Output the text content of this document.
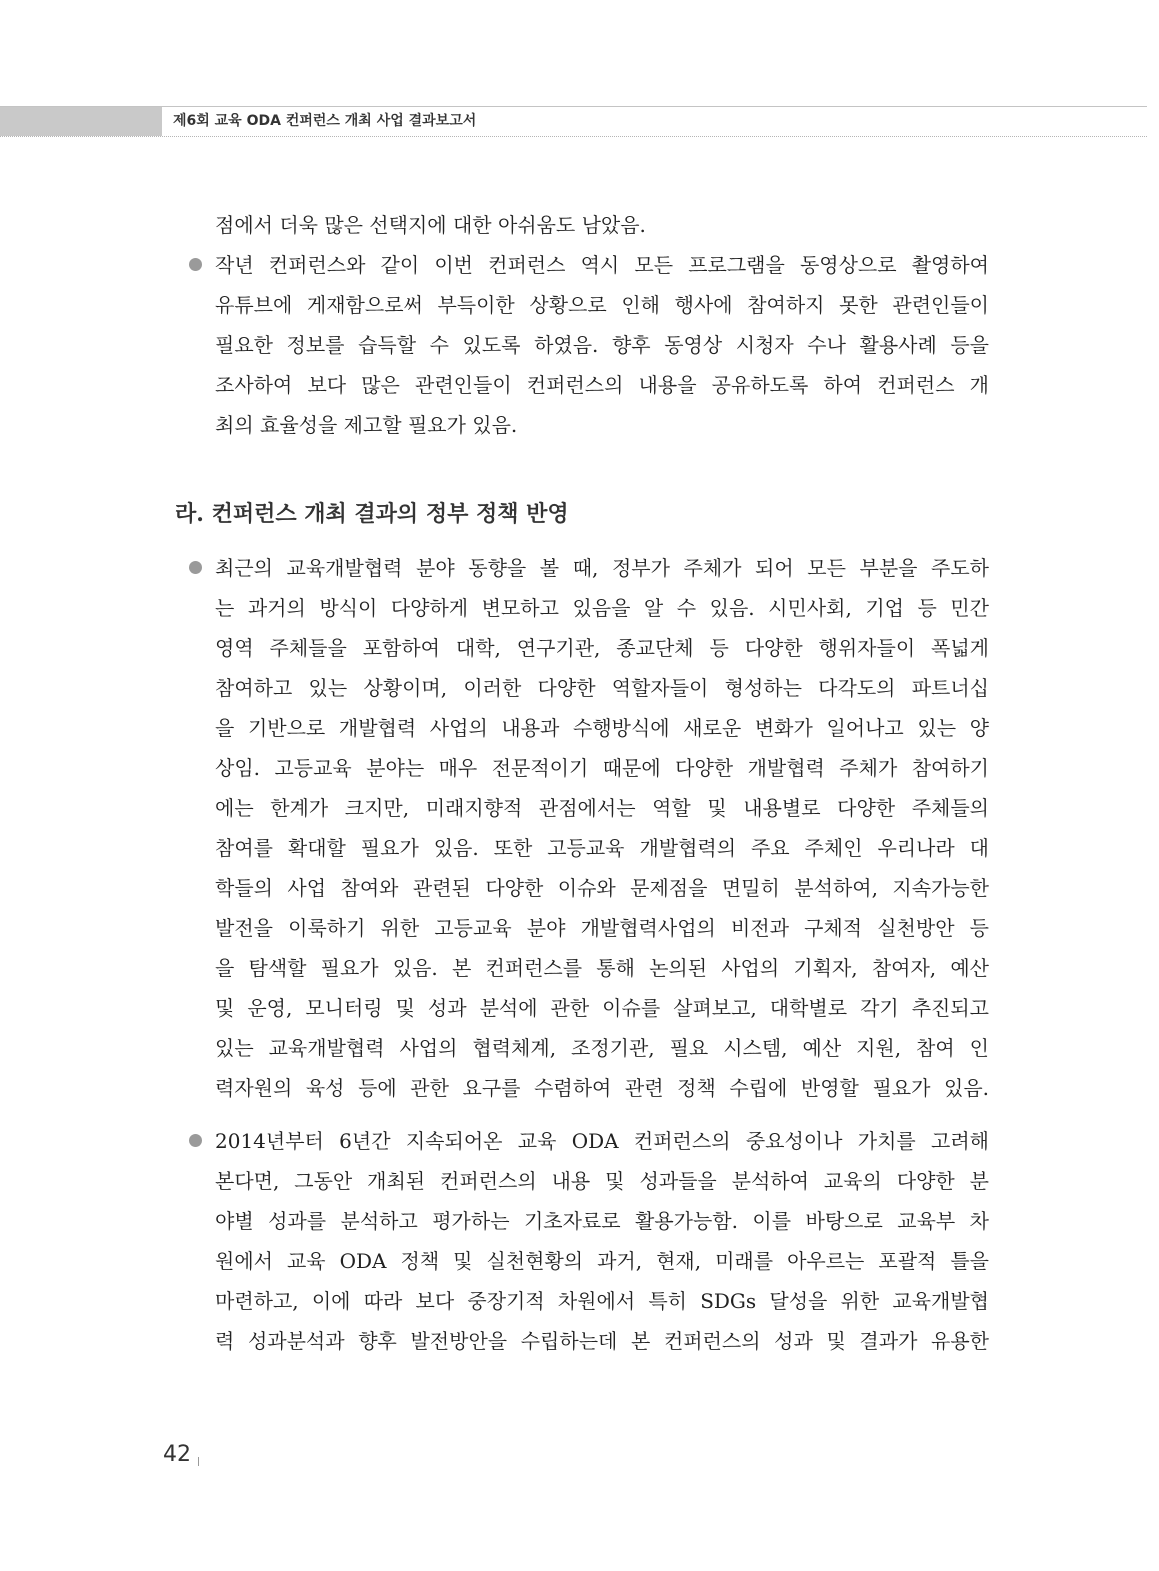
제6회 교육 ODA 컨퍼런스 개최 사업 결과보고서
점에서 더욱 많은 선택지에 대한 아쉬움도 남았음.
작년 컨퍼런스와 같이 이번 컨퍼런스 역시 모든 프로그램을 동영상으로 촬영하여
유튜브에 게재함으로써 부득이한 상황으로 인해 행사에 참여하지 못한 관련인들이
필요한 정보를 습득할 수 있도록 하였음. 향후 동영상 시청자 수나 활용사례 등을
조사하여 보다 많은 관련인들이 컨퍼런스의 내용을 공유하도록 하여 컨퍼런스 개
최의 효율성을 제고할 필요가 있음.
라. 컨퍼런스 개최 결과의 정부 정책 반영
최근의 교육개발협력 분야 동향을 볼 때, 정부가 주체가 되어 모든 부분을 주도하
는 과거의 방식이 다양하게 변모하고 있음을 알 수 있음. 시민사회, 기업 등 민간
영역 주체들을 포함하여 대학, 연구기관, 종교단체 등 다양한 행위자들이 폭넓게
참여하고 있는 상황이며, 이러한 다양한 역할자들이 형성하는 다각도의 파트너십
을 기반으로 개발협력 사업의 내용과 수행방식에 새로운 변화가 일어나고 있는 양
상임. 고등교육 분야는 매우 전문적이기 때문에 다양한 개발협력 주체가 참여하기
에는 한계가 크지만, 미래지향적 관점에서는 역할 및 내용별로 다양한 주체들의
참여를 확대할 필요가 있음. 또한 고등교육 개발협력의 주요 주체인 우리나라 대
학들의 사업 참여와 관련된 다양한 이슈와 문제점을 면밀히 분석하여, 지속가능한
발전을 이룩하기 위한 고등교육 분야 개발협력사업의 비전과 구체적 실천방안 등
을 탐색할 필요가 있음. 본 컨퍼런스를 통해 논의된 사업의 기획자, 참여자, 예산
및 운영, 모니터링 및 성과 분석에 관한 이슈를 살펴보고, 대학별로 각기 추진되고
있는 교육개발협력 사업의 협력체계, 조정기관, 필요 시스템, 예산 지원, 참여 인
력자원의 육성 등에 관한 요구를 수렴하여 관련 정책 수립에 반영할 필요가 있음.
2014년부터 6년간 지속되어온 교육 ODA 컨퍼런스의 중요성이나 가치를 고려해
본다면, 그동안 개최된 컨퍼런스의 내용 및 성과들을 분석하여 교육의 다양한 분
야별 성과를 분석하고 평가하는 기초자료로 활용가능함. 이를 바탕으로 교육부 차
원에서 교육 ODA 정책 및 실천현황의 과거, 현재, 미래를 아우르는 포괄적 틀을
마련하고, 이에 따라 보다 중장기적 차원에서 특히 SDGs 달성을 위한 교육개발협
력 성과분석과 향후 발전방안을 수립하는데 본 컨퍼런스의 성과 및 결과가 유용한
42
